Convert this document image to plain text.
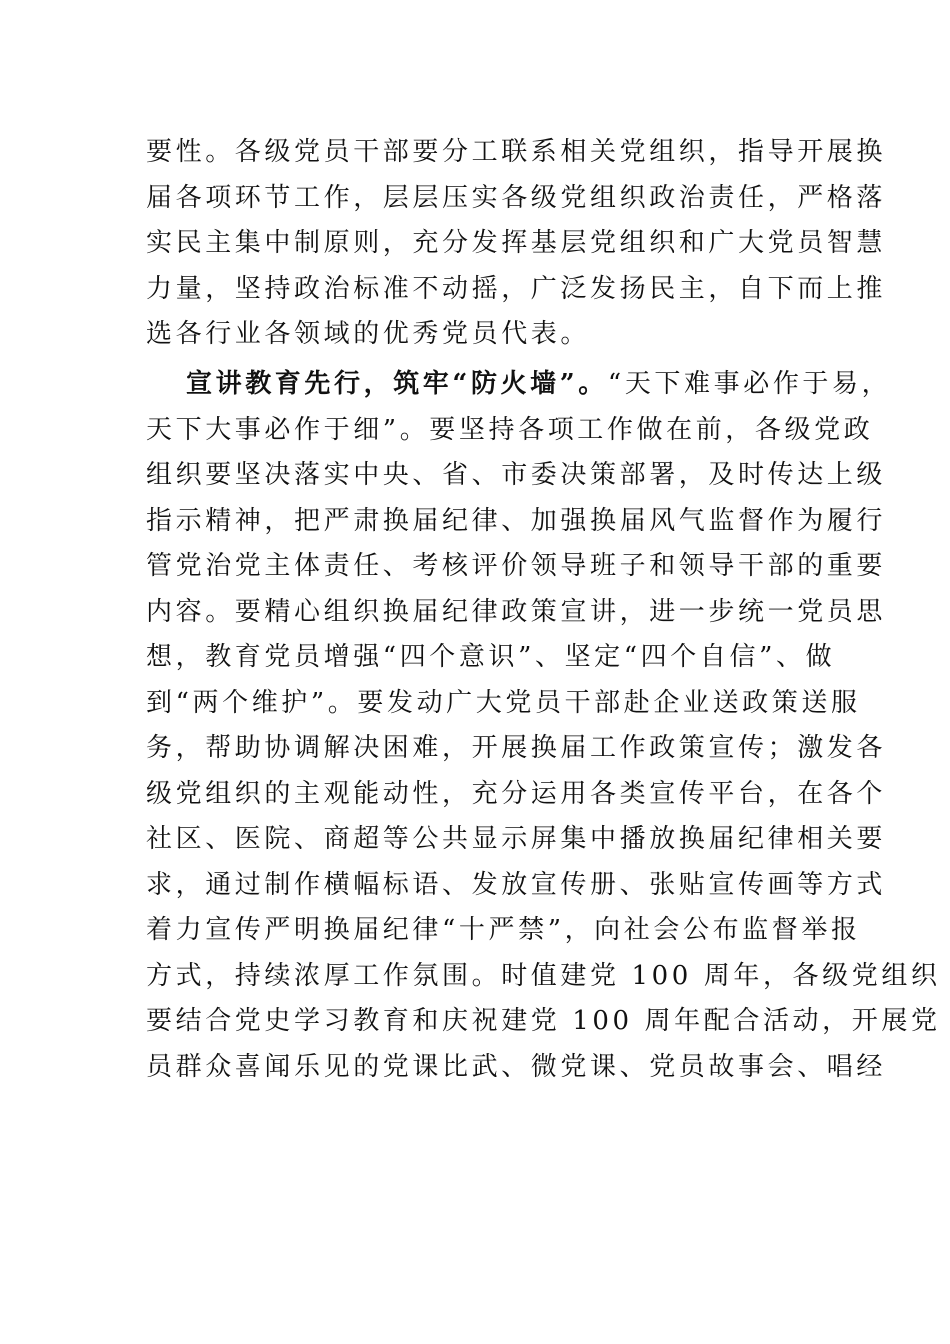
要性。各级党员干部要分工联系相关党组织，指导开展换
届各项环节工作，层层压实各级党组织政治责任，严格落
实民主集中制原则，充分发挥基层党组织和广大党员智慧
力量，坚持政治标准不动摇，广泛发扬民主，自下而上推
选各行业各领域的优秀党员代表。
宣讲教育先行，筑牢“防火墙”。“天下难事必作于易，
天下大事必作于细”。要坚持各项工作做在前，各级党政
组织要坚决落实中央、省、市委决策部署，及时传达上级
指示精神，把严肃换届纪律、加强换届风气监督作为履行
管党治党主体责任、考核评价领导班子和领导干部的重要
内容。要精心组织换届纪律政策宣讲，进一步统一党员思
想，教育党员增强“四个意识”、坚定“四个自信”、做
到“两个维护”。要发动广大党员干部赴企业送政策送服
务，帮助协调解决困难，开展换届工作政策宣传；激发各
级党组织的主观能动性，充分运用各类宣传平台，在各个
社区、医院、商超等公共显示屏集中播放换届纪律相关要
求，通过制作横幅标语、发放宣传册、张贴宣传画等方式
着力宣传严明换届纪律“十严禁”，向社会公布监督举报
方式，持续浓厚工作氛围。时值建党 100 周年，各级党组织
要结合党史学习教育和庆祝建党 100 周年配合活动，开展党
员群众喜闻乐见的党课比武、微党课、党员故事会、唱经
